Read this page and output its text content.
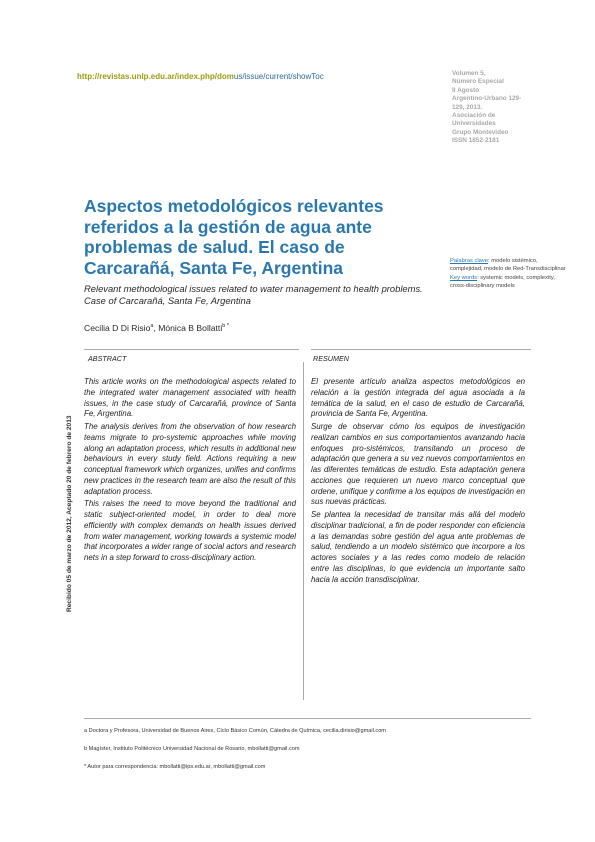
http://revistas.unlp.edu.ar/index.php/domus/issue/current/showToc	Volumen 5,
Número Especial
II Agosto
Argentino-Urbano 129-
129, 2013.
Asociación de
Universidades
Grupo Montevideo
ISSN 1852-2181
Aspectos metodológicos relevantes referidos a la gestión de agua ante problemas de salud. El caso de Carcarañá, Santa Fe, Argentina
Relevant methodological issues related to water management to health problems. Case of Carcarañá, Santa Fe, Argentina
Cecilia D Di Risio$^a$, Mónica B Bollatti$^{b *}$
Palabras clave: modelo sistémico, complejidad, modelo de Red-Transdisciplinar
Key words: systemic models, complexity, cross-disciplinary models
ABSTRACT	RESUMEN

This article works on the methodological aspects related to the integrated water management associated with health issues, in the case study of Carcarañá, province of Santa Fe, Argentina.

The analysis derives from the observation of how research teams migrate to pro-systemic approaches while moving along an adaptation process, which results in additional new behaviours in every study field. Actions requiring a new conceptual framework which organizes, unifies and confirms new practices in the research team are also the result of this adaptation process.

This raises the need to move beyond the traditional and static subject-oriented model, in order to deal more efficiently with complex demands on health issues derived from water management, working towards a systemic model that incorporates a wider range of social actors and research nets in a step forward to cross-disciplinary action.

El presente artículo analiza aspectos metodológicos en relación a la gestión integrada del agua asociada a la temática de la salud, en el caso de estudio de Carcarañá, provincia de Santa Fe, Argentina.

Surge de observar cómo los equipos de investigación realizan cambios en sus comportamientos avanzando hacia enfoques pro-sistémicos, transitando un proceso de adaptación que genera a su vez nuevos comportamientos en las diferentes temáticas de estudio. Esta adaptación genera acciones que requieren un nuevo marco conceptual que ordene, unifique y confirme a los equipos de investigación en sus nuevas prácticas.

Se plantea la necesidad de transitar más allá del modelo disciplinar tradicional, a fin de poder responder con eficiencia a las demandas sobre gestión del agua ante problemas de salud, tendiendo a un modelo sistémico que incorpore a los actores sociales y a las redes como modelo de relación entre las disciplinas, lo que evidencia un importante salto hacia la acción transdisciplinar.

Recibido 05 de marzo de 2012, Aceptado 20 de febrero de 2013
a Doctora y Profesora, Universidad de Buenos Aires, Ciclo Básico Común, Cátedra de Química, cecilia.dirisio@gmail.com
b Magíster, Instituto Politécnico Universidad Nacional de Rosario, mbollatti@gmail.com
* Autor para correspondencia: mbollatti@ips.edu.ar, mbollatti@gmail.com
